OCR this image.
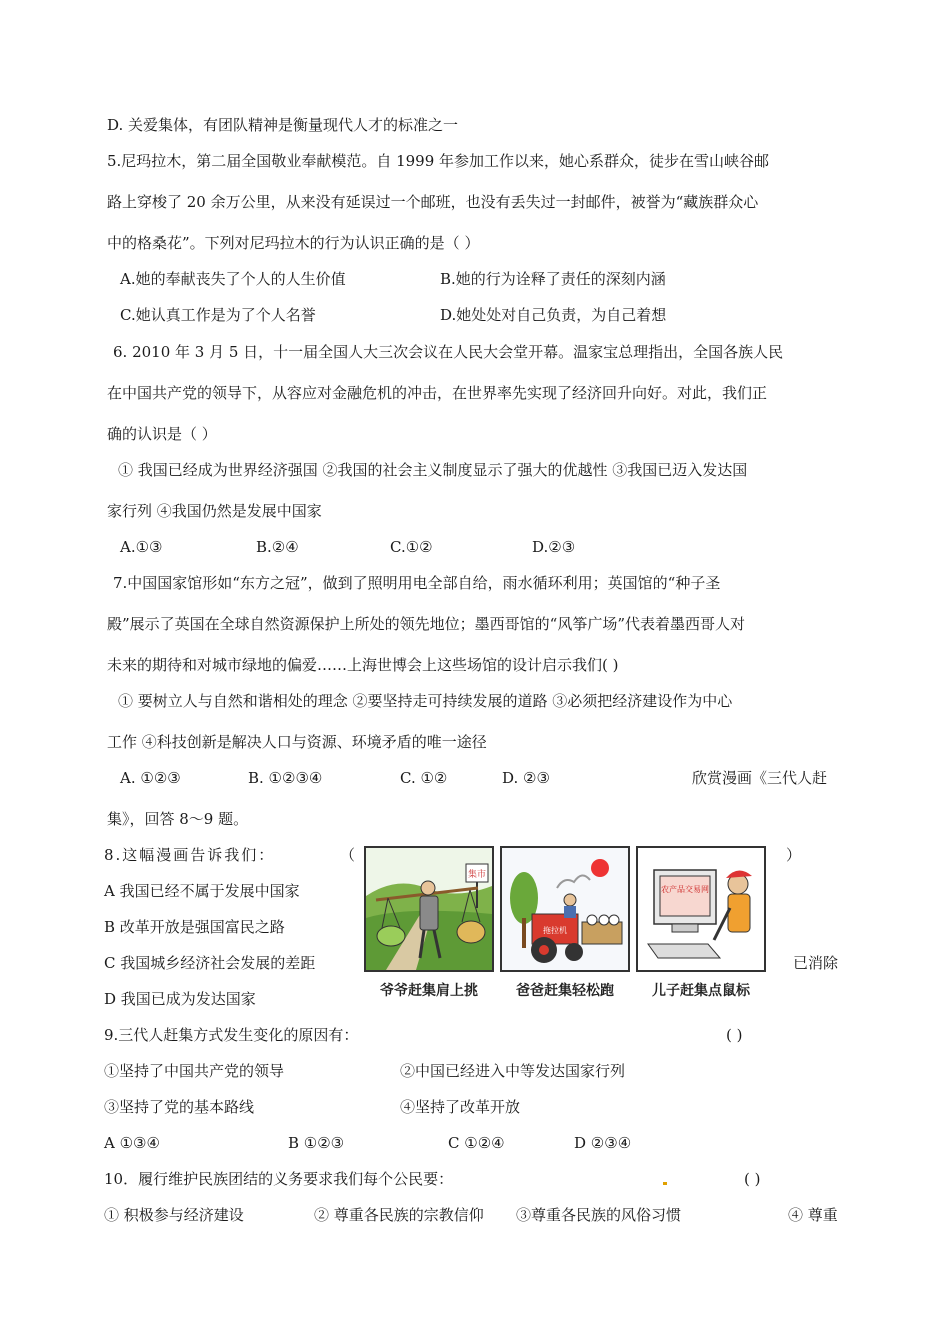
D. 关爱集体，有团队精神是衡量现代人才的标准之一
5.尼玛拉木，第二届全国敬业奉献模范。自 1999 年参加工作以来，她心系群众，徒步在雪山峡谷邮
路上穿梭了 20 余万公里，从来没有延误过一个邮班，也没有丢失过一封邮件，被誉为“藏族群众心
中的格桑花”。下列对尼玛拉木的行为认识正确的是（ ）
A.她的奉献丧失了个人的人生价值	B.她的行为诠释了责任的深刻内涵
C.她认真工作是为了个人名誉	D.她处处对自己负责，为自己着想
6. 2010 年 3 月 5 日，十一届全国人大三次会议在人民大会堂开幕。温家宝总理指出，全国各族人民
在中国共产党的领导下，从容应对金融危机的冲击，在世界率先实现了经济回升向好。对此，我们正
确的认识是（ ）
① 我国已经成为世界经济强国 ②我国的社会主义制度显示了强大的优越性 ③我国已迈入发达国
家行列 ④我国仍然是发展中国家
A.①③	B.②④	C.①②	D.②③
7.中国国家馆形如“东方之冠”，做到了照明用电全部自给，雨水循环利用；英国馆的“种子圣
殿”展示了英国在全球自然资源保护上所处的领先地位；墨西哥馆的“风筝广场”代表着墨西哥人对
未来的期待和对城市绿地的偏爱……上海世博会上这些场馆的设计启示我们( )
① 要树立人与自然和谐相处的理念 ②要坚持走可持续发展的道路 ③必须把经济建设作为中心
工作 ④科技创新是解决人口与资源、环境矛盾的唯一途径
A. ①②③	B. ①②③④	C. ①②	D. ②③	欣赏漫画《三代人赶
集》，回答 8～9 题。
8.这幅漫画告诉我们：	（	）
A 我国已经不属于发展中国家
B 改革开放是强国富民之路
C 我国城乡经济社会发展的差距	已消除
D 我国已成为发达国家
集市
拖拉机
农产品交易网
爷爷赶集肩上挑	爸爸赶集轻松跑	儿子赶集点鼠标
9.三代人赶集方式发生变化的原因有：	( )
①坚持了中国共产党的领导	②中国已经进入中等发达国家行列
③坚持了党的基本路线	④坚持了改革开放
A ①③④	B ①②③	C ①②④	D ②③④
10．履行维护民族团结的义务要求我们每个公民要：	( )
① 积极参与经济建设	② 尊重各民族的宗教信仰 ③尊重各民族的风俗习惯	④ 尊重
